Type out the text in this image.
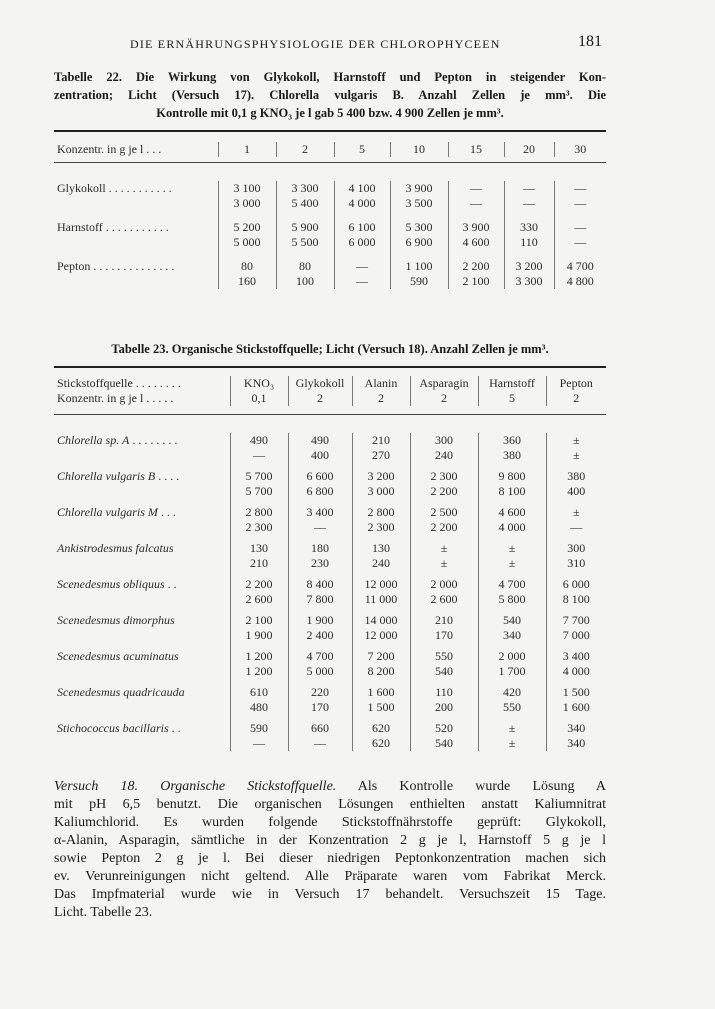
DIE ERNÄHRUNGSPHYSIOLOGIE DER CHLOROPHYCEEN	181
Tabelle 22. Die Wirkung von Glykokoll, Harnstoff und Pepton in steigender Kon-
zentration; Licht (Versuch 17). Chlorella vulgaris B. Anzahl Zellen je mm³. Die
Kontrolle mit 0,1 g KNO₃ je l gab 5 400 bzw. 4 900 Zellen je mm³.
Konzentr. in g je l . . .	1	2	5	10	15	20	30
Glykokoll . . . . . . . . . . .	3 100	3 300	4 100	3 900	—	—	—
	3 000	5 400	4 000	3 500	—	—	—

Harnstoff . . . . . . . . . . .	5 200	5 900	6 100	5 300	3 900	330	—
	5 000	5 500	6 000	6 900	4 600	110	—

Pepton . . . . . . . . . . . . . .	80	80	—	1 100	2 200	3 200	4 700
	160	100	—	590	2 100	3 300	4 800
Tabelle 23. Organische Stickstoffquelle; Licht (Versuch 18). Anzahl Zellen je mm³.
Stickstoffquelle . . . . . . . .	KNO₃	Glykokoll	Alanin	Asparagin	Harnstoff	Pepton
Konzentr. in g je l . . . . .	0,1	2	2	2	5	2
Chlorella sp. A . . . . . . . .	490	490	210	300	360	±
	—	400	270	240	380	±

Chlorella vulgaris B . . . .	5 700	6 600	3 200	2 300	9 800	380
	5 700	6 800	3 000	2 200	8 100	400

Chlorella vulgaris M . . .	2 800	3 400	2 800	2 500	4 600	±
	2 300	—	2 300	2 200	4 000	—

Ankistrodesmus falcatus	130	180	130	±	±	300
	210	230	240	±	±	310

Scenedesmus obliquus . .	2 200	8 400	12 000	2 000	4 700	6 000
	2 600	7 800	11 000	2 600	5 800	8 100

Scenedesmus dimorphus	2 100	1 900	14 000	210	540	7 700
	1 900	2 400	12 000	170	340	7 000

Scenedesmus acuminatus	1 200	4 700	7 200	550	2 000	3 400
	1 200	5 000	8 200	540	1 700	4 000

Scenedesmus quadricauda	610	220	1 600	110	420	1 500
	480	170	1 500	200	550	1 600

Stichococcus bacillaris . .	590	660	620	520	±	340
	—	—	620	540	±	340
Versuch 18. Organische Stickstoffquelle. Als Kontrolle wurde Lösung A
mit pH 6,5 benutzt. Die organischen Lösungen enthielten anstatt Kaliumnitrat
Kaliumchlorid. Es wurden folgende Stickstoffnährstoffe geprüft: Glykokoll,
α-Alanin, Asparagin, sämtliche in der Konzentration 2 g je l, Harnstoff 5 g je l
sowie Pepton 2 g je l. Bei dieser niedrigen Peptonkonzentration machen sich
ev. Verunreinigungen nicht geltend. Alle Präparate waren vom Fabrikat Merck.
Das Impfmaterial wurde wie in Versuch 17 behandelt. Versuchszeit 15 Tage.
Licht. Tabelle 23.
